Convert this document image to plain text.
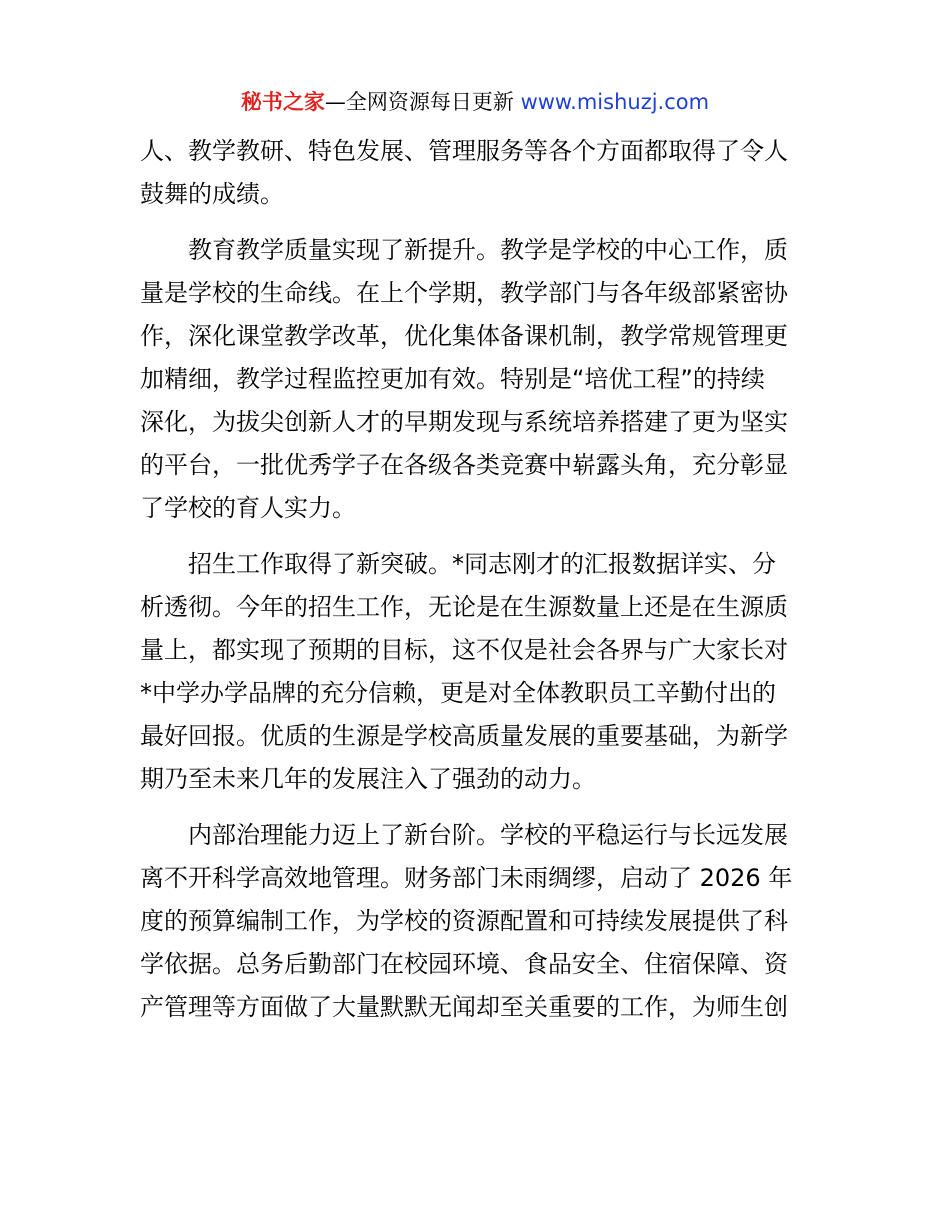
秘书之家—全网资源每日更新 www.mishuzj.com
人、教学教研、特色发展、管理服务等各个方面都取得了令人
鼓舞的成绩。
教育教学质量实现了新提升。教学是学校的中心工作，质
量是学校的生命线。在上个学期，教学部门与各年级部紧密协
作，深化课堂教学改革，优化集体备课机制，教学常规管理更
加精细，教学过程监控更加有效。特别是“培优工程”的持续
深化，为拔尖创新人才的早期发现与系统培养搭建了更为坚实
的平台，一批优秀学子在各级各类竞赛中崭露头角，充分彰显
了学校的育人实力。
招生工作取得了新突破。*同志刚才的汇报数据详实、分
析透彻。今年的招生工作，无论是在生源数量上还是在生源质
量上，都实现了预期的目标，这不仅是社会各界与广大家长对
*中学办学品牌的充分信赖，更是对全体教职员工辛勤付出的
最好回报。优质的生源是学校高质量发展的重要基础，为新学
期乃至未来几年的发展注入了强劲的动力。
内部治理能力迈上了新台阶。学校的平稳运行与长远发展
离不开科学高效地管理。财务部门未雨绸缪，启动了 2026 年
度的预算编制工作，为学校的资源配置和可持续发展提供了科
学依据。总务后勤部门在校园环境、食品安全、住宿保障、资
产管理等方面做了大量默默无闻却至关重要的工作，为师生创
